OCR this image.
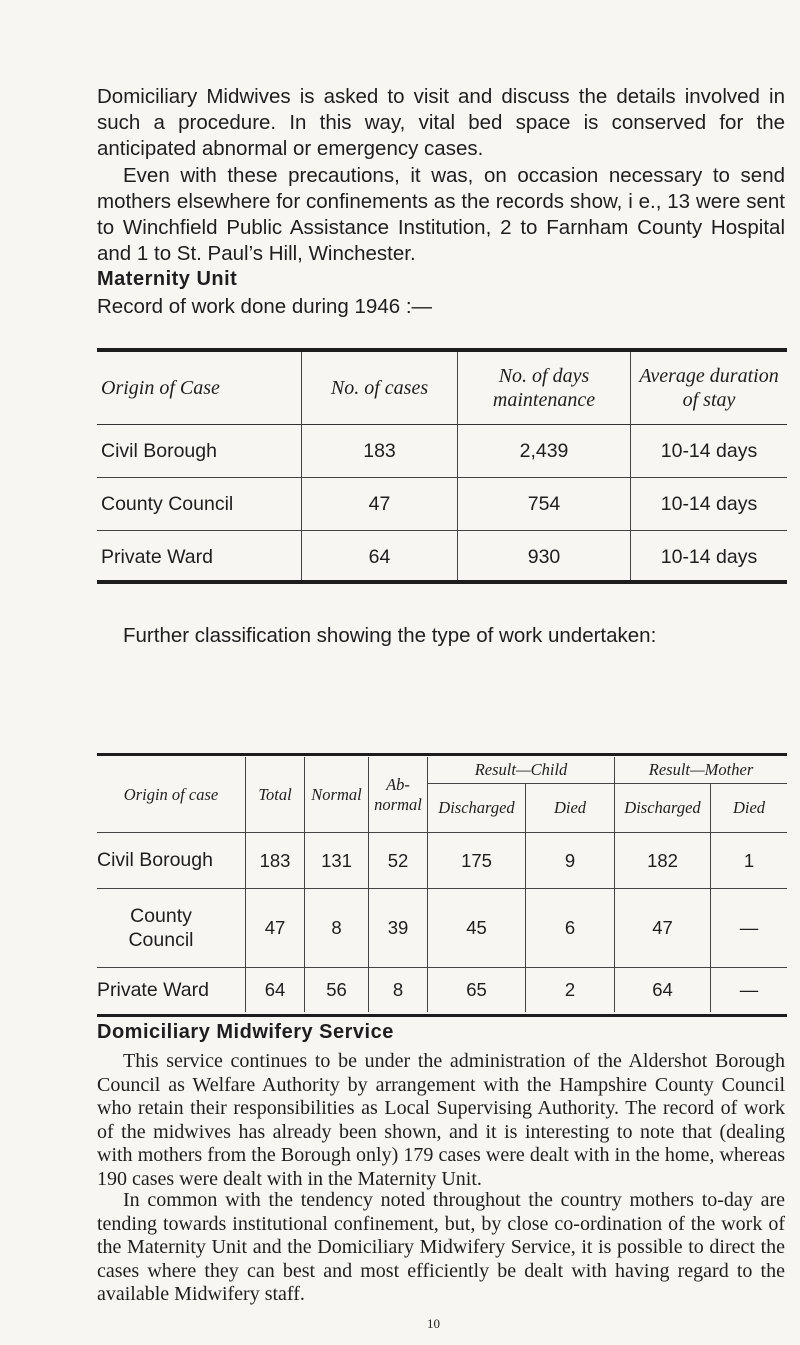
Domiciliary Midwives is asked to visit and discuss the details involved in such a procedure. In this way, vital bed space is conserved for the anticipated abnormal or emergency cases.

Even with these precautions, it was, on occasion necessary to send mothers elsewhere for confinements as the records show, i e., 13 were sent to Winchfield Public Assistance Institution, 2 to Farnham County Hospital and 1 to St. Paul’s Hill, Winchester.

Maternity Unit

Record of work done during 1946 :—

Origin of Case	No. of cases	No. of days maintenance	Average duration of stay
Civil Borough	183	2,439	10-14 days
County Council	47	754	10-14 days
Private Ward	64	930	10-14 days

Further classification showing the type of work undertaken:

Origin of case	Total	Normal	Ab- normal	Result—Child		Result—Mother	
				Discharged	Died	Discharged	Died
Civil Borough	183	131	52	175	9	182	1
County Council	47	8	39	45	6	47	—
Private Ward	64	56	8	65	2	64	—

Domiciliary Midwifery Service

This service continues to be under the administration of the Aldershot Borough Council as Welfare Authority by arrangement with the Hampshire County Council who retain their responsibilities as Local Supervising Authority. The record of work of the midwives has already been shown, and it is interesting to note that (dealing with mothers from the Borough only) 179 cases were dealt with in the home, whereas 190 cases were dealt with in the Maternity Unit.

In common with the tendency noted throughout the country mothers to-day are tending towards institutional confinement, but, by close co-ordination of the work of the Maternity Unit and the Domiciliary Midwifery Service, it is possible to direct the cases where they can best and most efficiently be dealt with having regard to the available Midwifery staff.

10
